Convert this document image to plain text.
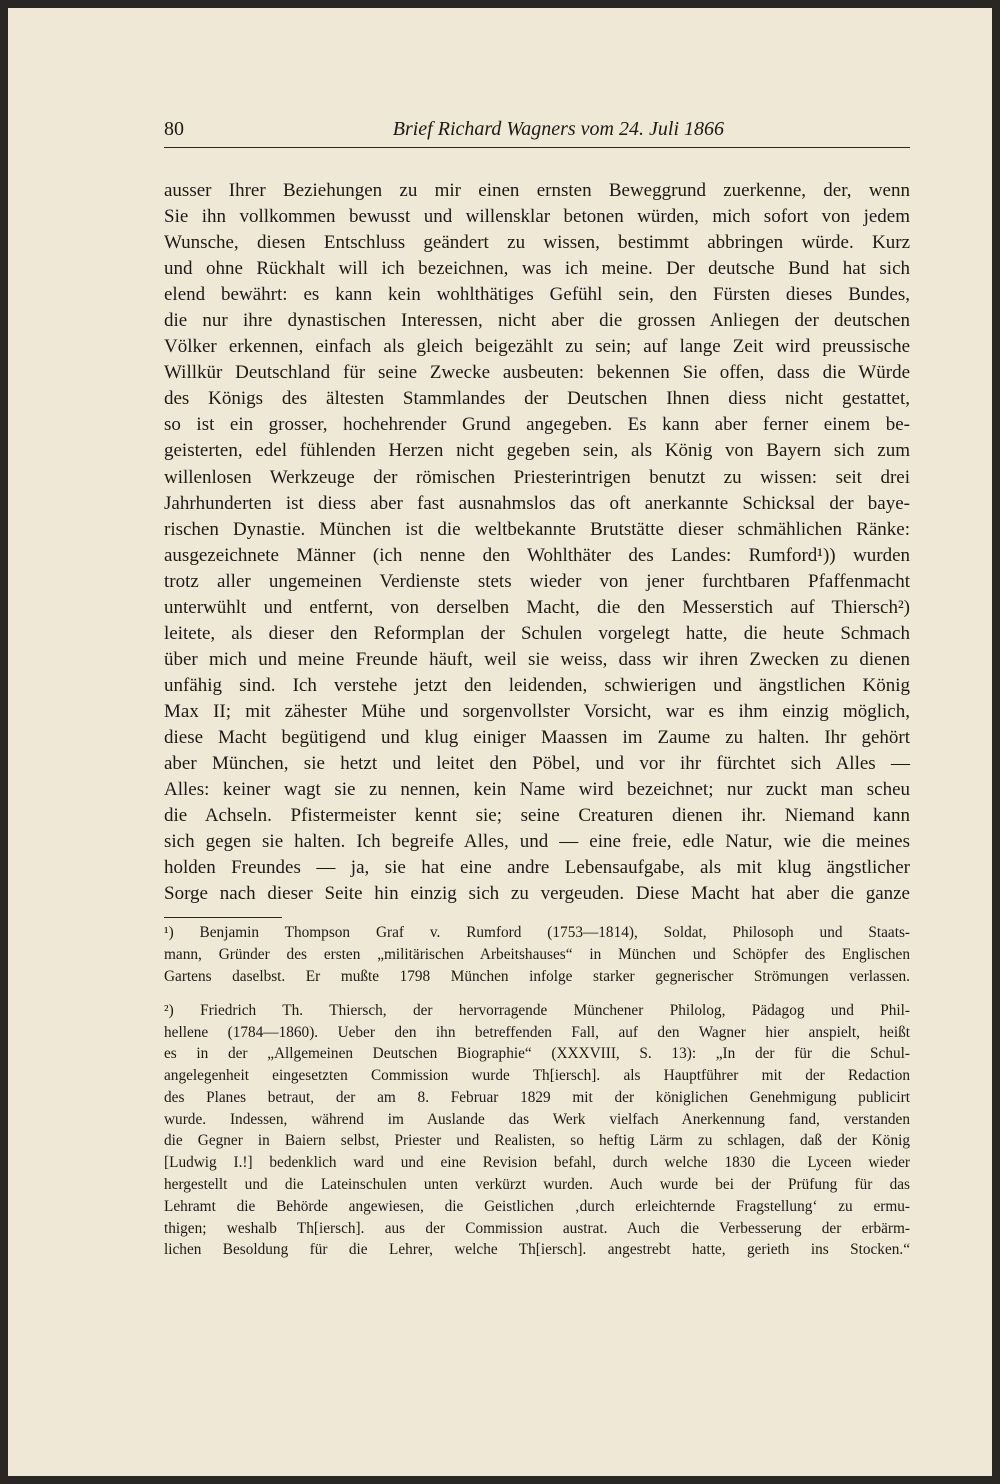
80	Brief Richard Wagners vom 24. Juli 1866
ausser Ihrer Beziehungen zu mir einen ernsten Beweggrund zuerkenne, der, wenn
Sie ihn vollkommen bewusst und willensklar betonen würden, mich sofort von jedem
Wunsche, diesen Entschluss geändert zu wissen, bestimmt abbringen würde. Kurz
und ohne Rückhalt will ich bezeichnen, was ich meine. Der deutsche Bund hat sich
elend bewährt: es kann kein wohlthätiges Gefühl sein, den Fürsten dieses Bundes,
die nur ihre dynastischen Interessen, nicht aber die grossen Anliegen der deutschen
Völker erkennen, einfach als gleich beigezählt zu sein; auf lange Zeit wird preussische
Willkür Deutschland für seine Zwecke ausbeuten: bekennen Sie offen, dass die Würde
des Königs des ältesten Stammlandes der Deutschen Ihnen diess nicht gestattet,
so ist ein grosser, hochehrender Grund angegeben. Es kann aber ferner einem be-
geisterten, edel fühlenden Herzen nicht gegeben sein, als König von Bayern sich zum
willenlosen Werkzeuge der römischen Priesterintrigen benutzt zu wissen: seit drei
Jahrhunderten ist diess aber fast ausnahmslos das oft anerkannte Schicksal der baye-
rischen Dynastie. München ist die weltbekannte Brutstätte dieser schmählichen Ränke:
ausgezeichnete Männer (ich nenne den Wohlthäter des Landes: Rumford¹)) wurden
trotz aller ungemeinen Verdienste stets wieder von jener furchtbaren Pfaffenmacht
unterwühlt und entfernt, von derselben Macht, die den Messerstich auf Thiersch²)
leitete, als dieser den Reformplan der Schulen vorgelegt hatte, die heute Schmach
über mich und meine Freunde häuft, weil sie weiss, dass wir ihren Zwecken zu dienen
unfähig sind. Ich verstehe jetzt den leidenden, schwierigen und ängstlichen König
Max II; mit zähester Mühe und sorgenvollster Vorsicht, war es ihm einzig möglich,
diese Macht begütigend und klug einiger Maassen im Zaume zu halten. Ihr gehört
aber München, sie hetzt und leitet den Pöbel, und vor ihr fürchtet sich Alles —
Alles: keiner wagt sie zu nennen, kein Name wird bezeichnet; nur zuckt man scheu
die Achseln. Pfistermeister kennt sie; seine Creaturen dienen ihr. Niemand kann
sich gegen sie halten. Ich begreife Alles, und — eine freie, edle Natur, wie die meines
holden Freundes — ja, sie hat eine andre Lebensaufgabe, als mit klug ängstlicher
Sorge nach dieser Seite hin einzig sich zu vergeuden. Diese Macht hat aber die ganze
¹) Benjamin Thompson Graf v. Rumford (1753—1814), Soldat, Philosoph und Staats-
mann, Gründer des ersten „militärischen Arbeitshauses“ in München und Schöpfer des Englischen
Gartens daselbst. Er mußte 1798 München infolge starker gegnerischer Strömungen verlassen.
²) Friedrich Th. Thiersch, der hervorragende Münchener Philolog, Pädagog und Phil-
hellene (1784—1860). Ueber den ihn betreffenden Fall, auf den Wagner hier anspielt, heißt
es in der „Allgemeinen Deutschen Biographie“ (XXXVIII, S. 13): „In der für die Schul-
angelegenheit eingesetzten Commission wurde Th[iersch]. als Hauptführer mit der Redaction
des Planes betraut, der am 8. Februar 1829 mit der königlichen Genehmigung publicirt
wurde. Indessen, während im Auslande das Werk vielfach Anerkennung fand, verstanden
die Gegner in Baiern selbst, Priester und Realisten, so heftig Lärm zu schlagen, daß der König
[Ludwig I.!] bedenklich ward und eine Revision befahl, durch welche 1830 die Lyceen wieder
hergestellt und die Lateinschulen unten verkürzt wurden. Auch wurde bei der Prüfung für das
Lehramt die Behörde angewiesen, die Geistlichen ‚durch erleichternde Fragstellung‘ zu ermu-
thigen; weshalb Th[iersch]. aus der Commission austrat. Auch die Verbesserung der erbärm-
lichen Besoldung für die Lehrer, welche Th[iersch]. angestrebt hatte, gerieth ins Stocken.“
